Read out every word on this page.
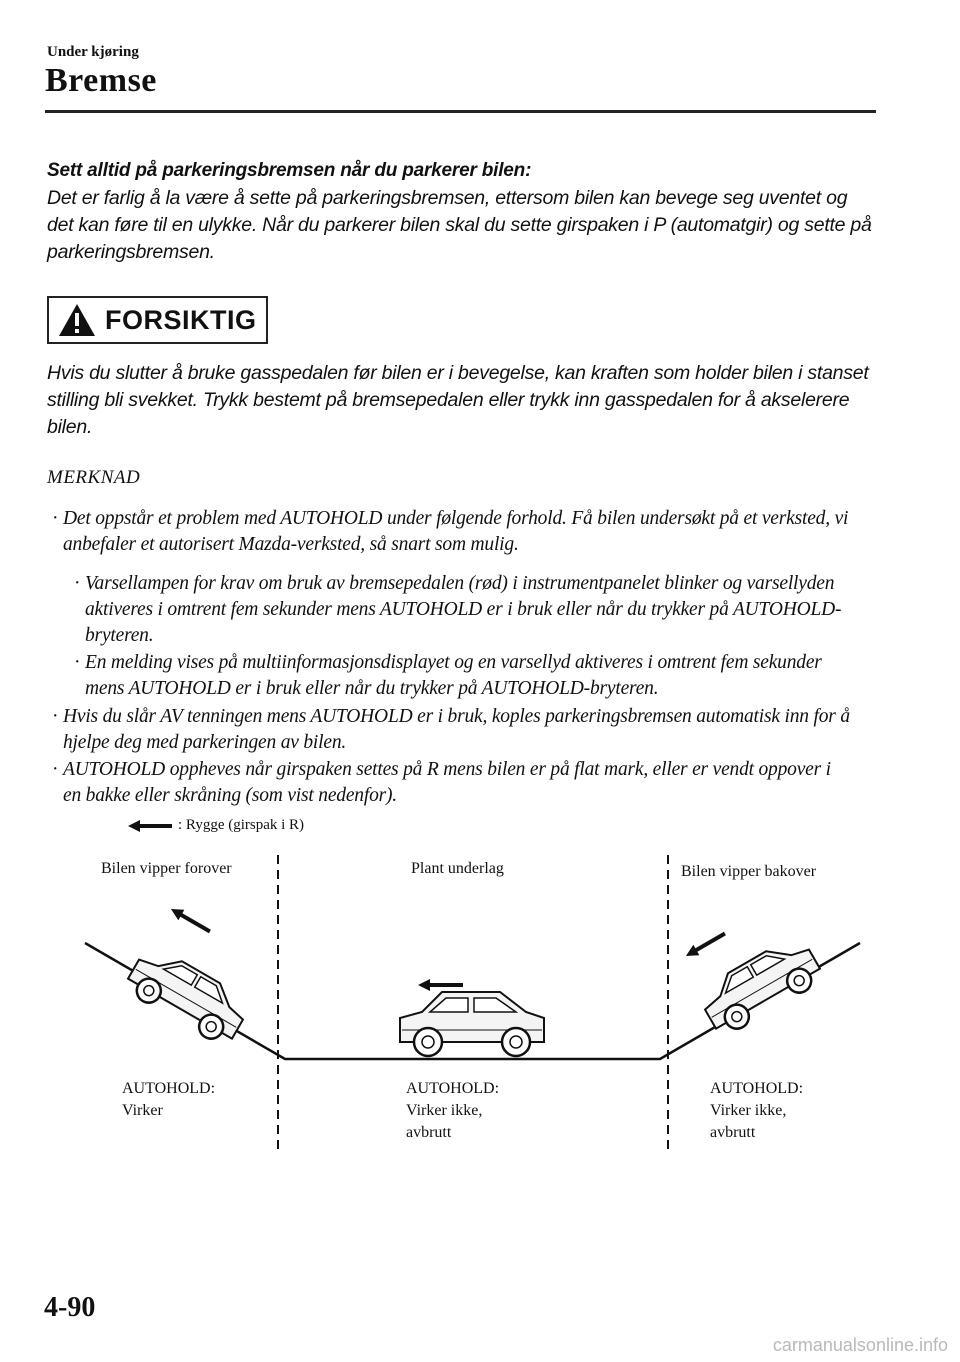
Under kjøring
Bremse
Sett alltid på parkeringsbremsen når du parkerer bilen:
Det er farlig å la være å sette på parkeringsbremsen, ettersom bilen kan bevege seg uventet og det kan føre til en ulykke. Når du parkerer bilen skal du sette girspaken i P (automatgir) og sette på parkeringsbremsen.
FORSIKTIG
Hvis du slutter å bruke gasspedalen før bilen er i bevegelse, kan kraften som holder bilen i stanset stilling bli svekket. Trykk bestemt på bremsepedalen eller trykk inn gasspedalen for å akselerere bilen.
MERKNAD
· Det oppstår et problem med AUTOHOLD under følgende forhold. Få bilen undersøkt på et verksted, vi anbefaler et autorisert Mazda-verksted, så snart som mulig.
· Varsellampen for krav om bruk av bremsepedalen (rød) i instrumentpanelet blinker og varsellyden aktiveres i omtrent fem sekunder mens AUTOHOLD er i bruk eller når du trykker på AUTOHOLD-bryteren.
· En melding vises på multiinformasjonsdisplayet og en varsellyd aktiveres i omtrent fem sekunder mens AUTOHOLD er i bruk eller når du trykker på AUTOHOLD-bryteren.
· Hvis du slår AV tenningen mens AUTOHOLD er i bruk, koples parkeringsbremsen automatisk inn for å hjelpe deg med parkeringen av bilen.
· AUTOHOLD oppheves når girspaken settes på R mens bilen er på flat mark, eller er vendt oppover i en bakke eller skråning (som vist nedenfor).
: Rygge (girspak i R)
Bilen vipper forover	Plant underlag	Bilen vipper bakover
AUTOHOLD:
Virker
AUTOHOLD:
Virker ikke,
avbrutt
AUTOHOLD:
Virker ikke,
avbrutt
4-90
carmanualsonline.info
